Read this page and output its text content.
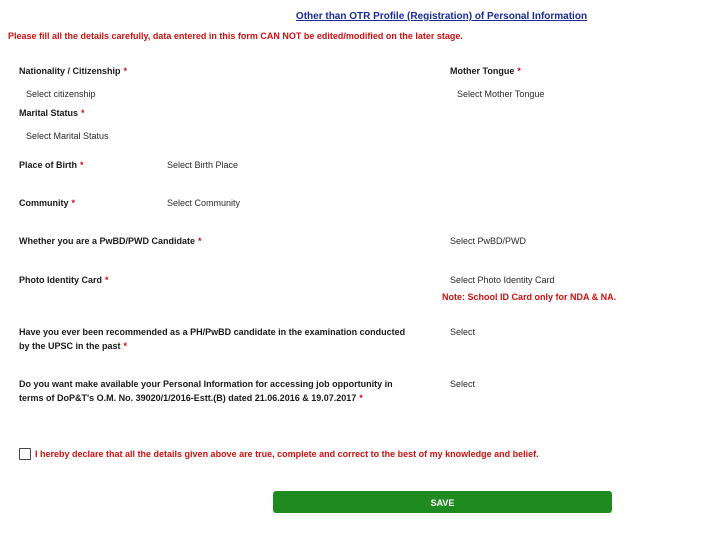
Other than OTR Profile (Registration) of Personal Information
Please fill all the details carefully, data entered in this form CAN NOT be edited/modified on the later stage.
Nationality / Citizenship *
Select citizenship
Mother Tongue *
Select Mother Tongue
Marital Status *
Select Marital Status
Place of Birth *	Select Birth Place
Community *	Select Community
Whether you are a PwBD/PWD Candidate *	Select PwBD/PWD
Photo Identity Card *	Select Photo Identity Card
Note: School ID Card only for NDA & NA.
Have you ever been recommended as a PH/PwBD candidate in the examination conducted
by the UPSC in the past *
Select
Do you want make available your Personal Information for accessing job opportunity in
terms of DoP&T's O.M. No. 39020/1/2016-Estt.(B) dated 21.06.2016 & 19.07.2017 *
Select
I hereby declare that all the details given above are true, complete and correct to the best of my knowledge and belief.
SAVE
